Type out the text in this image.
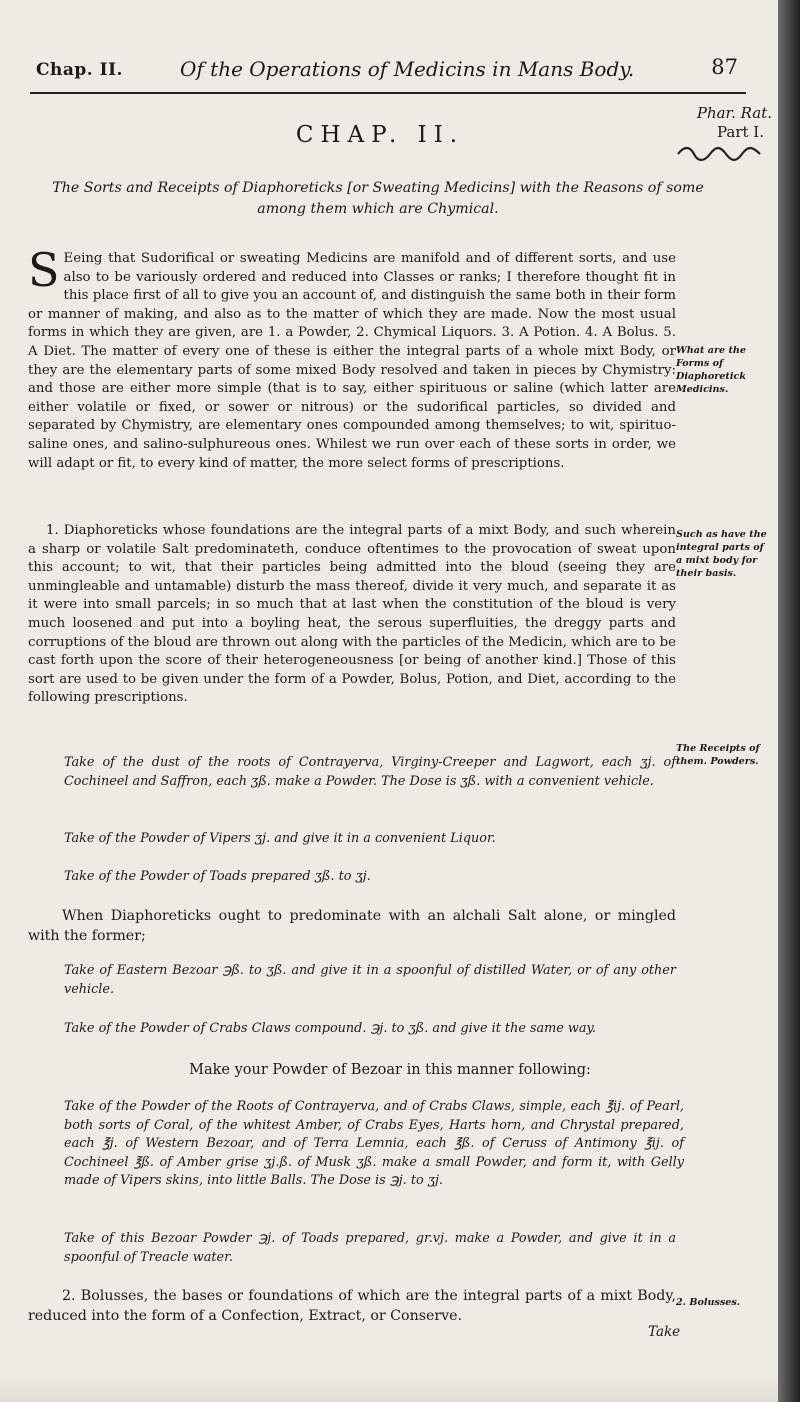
Chap. II.	Of the Operations of Medicins in Mans Body.	87
Phar. Rat.
Part I.
CHAP. II.
The Sorts and Receipts of Diaphoreticks [or Sweating Medicins] with the Reasons of some among them which are Chymical.
S Eeing that Sudorifical or sweating Medicins are manifold and of different sorts, and use also to be variously ordered and reduced into Classes or ranks; I therefore thought fit in this place first of all to give you an account of, and distinguish the same both in their form or manner of making, and also as to the matter of which they are made. Now the most usual forms in which they are given, are 1. a Powder, 2. Chymical Liquors. 3. A Potion. 4. A Bolus. 5. A Diet. The matter of every one of these is either the integral parts of a whole mixt Body, or they are the elementary parts of some mixed Body resolved and taken in pieces by Chymistry: and those are either more simple (that is to say, either spirituous or saline (which latter are either volatile or fixed, or sower or nitrous) or the sudorifical particles, so divided and separated by Chymistry, are elementary ones compounded among themselves; to wit, spirituo-saline ones, and salino-sulphureous ones. Whilest we run over each of these sorts in order, we will adapt or fit, to every kind of matter, the more select forms of prescriptions.
1. Diaphoreticks whose foundations are the integral parts of a mixt Body, and such wherein a sharp or volatile Salt predominateth, conduce oftentimes to the provocation of sweat upon this account; to wit, that their particles being admitted into the bloud (seeing they are unmingleable and untamable) disturb the mass thereof, divide it very much, and separate it as it were into small parcels; in so much that at last when the constitution of the bloud is very much loosened and put into a boyling heat, the serous superfluities, the dreggy parts and corruptions of the bloud are thrown out along with the particles of the Medicin, which are to be cast forth upon the score of their heterogeneousness [or being of another kind.] Those of this sort are used to be given under the form of a Powder, Bolus, Potion, and Diet, according to the following prescriptions.
Take of the dust of the roots of Contrayerva, Virginy-Creeper and Lagwort, each ʒj. of Cochineel and Saffron, each ʒß. make a Powder. The Dose is ʒß. with a convenient vehicle.
Take of the Powder of Vipers ʒj. and give it in a convenient Liquor.
Take of the Powder of Toads prepared ʒß. to ʒj.
When Diaphoreticks ought to predominate with an alchali Salt alone, or mingled with the former;
Take of Eastern Bezoar ℈ß. to ʒß. and give it in a spoonful of distilled Water, or of any other vehicle.
Take of the Powder of Crabs Claws compound. ℈j. to ʒß. and give it the same way.
Make your Powder of Bezoar in this manner following:
Take of the Powder of the Roots of Contrayerva, and of Crabs Claws, simple, each ℥ij. of Pearl, both sorts of Coral, of the whitest Amber, of Crabs Eyes, Harts horn, and Chrystal prepared, each ℥j. of Western Bezoar, and of Terra Lemnia, each ℥ß. of Ceruss of Antimony ℥ij. of Cochineel ℥ß. of Amber grise ʒj.ß. of Musk ʒß. make a small Powder, and form it, with Gelly made of Vipers skins, into little Balls. The Dose is ℈j. to ʒj.
Take of this Bezoar Powder ℈j. of Toads prepared, gr.vj. make a Powder, and give it in a spoonful of Treacle water.
2. Bolusses, the bases or foundations of which are the integral parts of a mixt Body, reduced into the form of a Confection, Extract, or Conserve.
What are the Forms of Diaphoretick Medicins.
Such as have the integral parts of a mixt body for their basis.
The Receipts of them. Powders.
2. Bolusses.
Take
